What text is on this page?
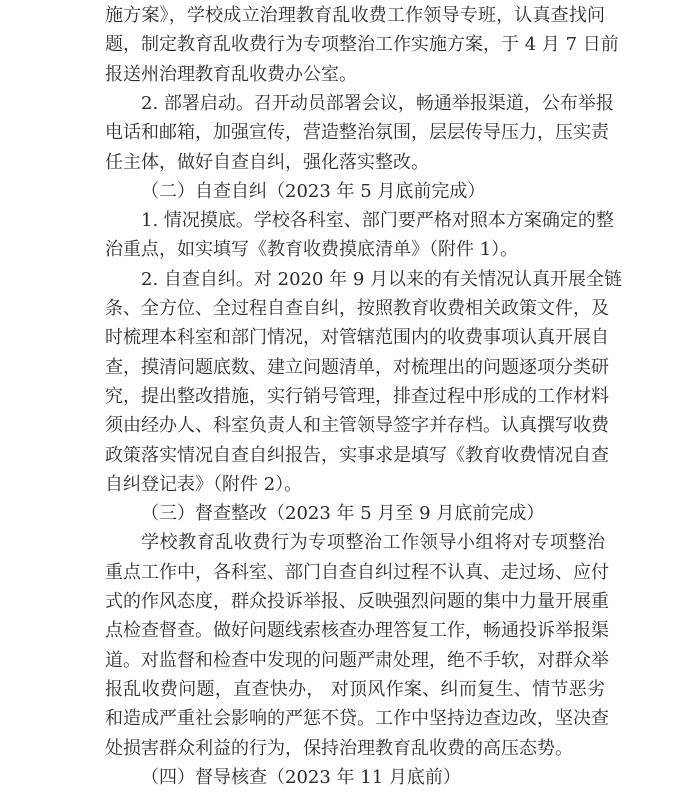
施方案》，学校成立治理教育乱收费工作领导专班，认真查找问
题，制定教育乱收费行为专项整治工作实施方案，于 4 月 7 日前
报送州治理教育乱收费办公室。
2. 部署启动。召开动员部署会议，畅通举报渠道，公布举报
电话和邮箱，加强宣传，营造整治氛围，层层传导压力，压实责
任主体，做好自查自纠，强化落实整改。
（二）自查自纠（2023 年 5 月底前完成）
1. 情况摸底。学校各科室、部门要严格对照本方案确定的整
治重点，如实填写《教育收费摸底清单》（附件 1）。
2. 自查自纠。对 2020 年 9 月以来的有关情况认真开展全链
条、全方位、全过程自查自纠，按照教育收费相关政策文件，及
时梳理本科室和部门情况，对管辖范围内的收费事项认真开展自
查，摸清问题底数、建立问题清单，对梳理出的问题逐项分类研
究，提出整改措施，实行销号管理，排查过程中形成的工作材料
须由经办人、科室负责人和主管领导签字并存档。认真撰写收费
政策落实情况自查自纠报告，实事求是填写《教育收费情况自查
自纠登记表》（附件 2）。
（三）督查整改（2023 年 5 月至 9 月底前完成）
学校教育乱收费行为专项整治工作领导小组将对专项整治
重点工作中，各科室、部门自查自纠过程不认真、走过场、应付
式的作风态度，群众投诉举报、反映强烈问题的集中力量开展重
点检查督查。做好问题线索核查办理答复工作，畅通投诉举报渠
道。对监督和检查中发现的问题严肃处理，绝不手软，对群众举
报乱收费问题，直查快办， 对顶风作案、纠而复生、情节恶劣
和造成严重社会影响的严惩不贷。工作中坚持边查边改，坚决查
处损害群众利益的行为，保持治理教育乱收费的高压态势。
（四）督导核查（2023 年 11 月底前）
